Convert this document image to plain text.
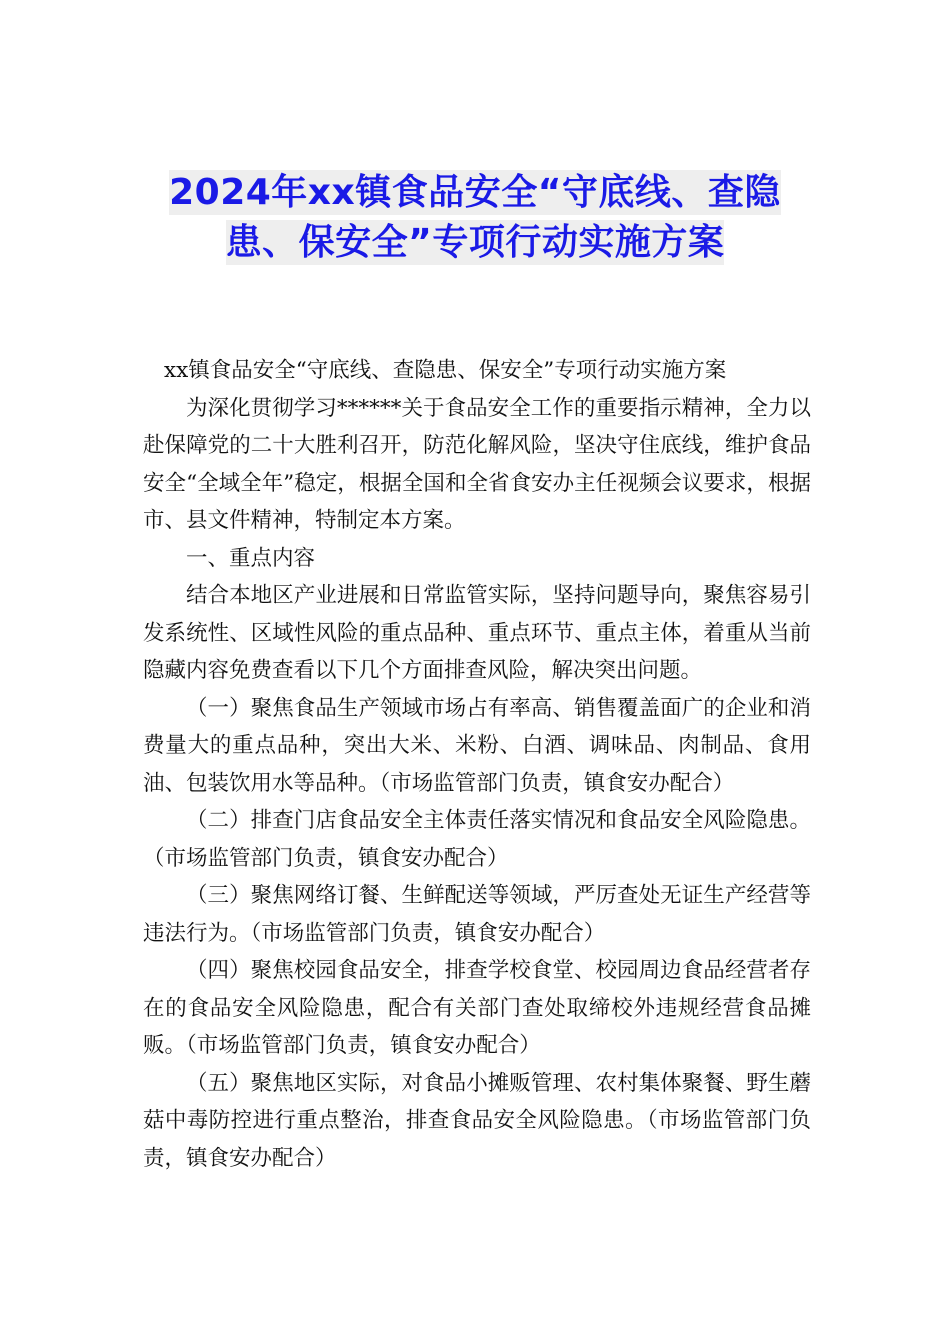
2024年xx镇食品安全“守底线、查隐
患、保安全”专项行动实施方案

xx镇食品安全“守底线、查隐患、保安全”专项行动实施方案

为深化贯彻学习******关于食品安全工作的重要指示精神，全力以赴保障党的二十大胜利召开，防范化解风险，坚决守住底线，维护食品安全“全域全年”稳定，根据全国和全省食安办主任视频会议要求，根据市、县文件精神，特制定本方案。

一、重点内容

结合本地区产业进展和日常监管实际，坚持问题导向，聚焦容易引发系统性、区域性风险的重点品种、重点环节、重点主体，着重从当前隐藏内容免费查看以下几个方面排查风险，解决突出问题。

（一）聚焦食品生产领域市场占有率高、销售覆盖面广的企业和消费量大的重点品种，突出大米、米粉、白酒、调味品、肉制品、食用油、包装饮用水等品种。（市场监管部门负责，镇食安办配合）

（二）排查门店食品安全主体责任落实情况和食品安全风险隐患。（市场监管部门负责，镇食安办配合）

（三）聚焦网络订餐、生鲜配送等领域，严厉查处无证生产经营等违法行为。（市场监管部门负责，镇食安办配合）

（四）聚焦校园食品安全，排查学校食堂、校园周边食品经营者存在的食品安全风险隐患，配合有关部门查处取缔校外违规经营食品摊贩。（市场监管部门负责，镇食安办配合）

（五）聚焦地区实际，对食品小摊贩管理、农村集体聚餐、野生蘑菇中毒防控进行重点整治，排查食品安全风险隐患。（市场监管部门负责，镇食安办配合）
